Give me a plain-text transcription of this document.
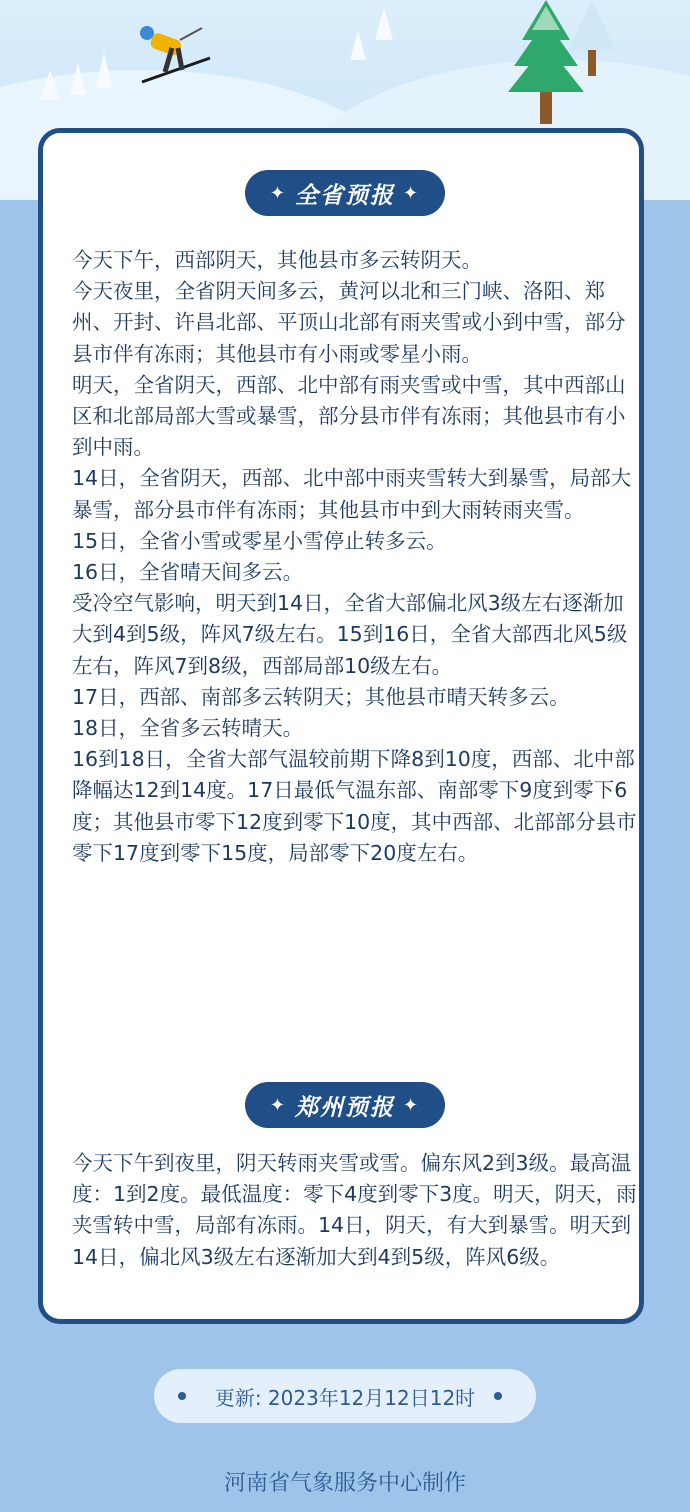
✦ 全省预报 ✦

今天下午，西部阴天，其他县市多云转阴天。

今天夜里，全省阴天间多云，黄河以北和三门峡、洛阳、郑州、开封、许昌北部、平顶山北部有雨夹雪或小到中雪，部分县市伴有冻雨；其他县市有小雨或零星小雨。

明天，全省阴天，西部、北中部有雨夹雪或中雪，其中西部山区和北部局部大雪或暴雪，部分县市伴有冻雨；其他县市有小到中雨。

14日，全省阴天，西部、北中部中雨夹雪转大到暴雪，局部大暴雪，部分县市伴有冻雨；其他县市中到大雨转雨夹雪。

15日，全省小雪或零星小雪停止转多云。

16日，全省晴天间多云。

受冷空气影响，明天到14日，全省大部偏北风3级左右逐渐加大到4到5级，阵风7级左右。15到16日，全省大部西北风5级左右，阵风7到8级，西部局部10级左右。

17日，西部、南部多云转阴天；其他县市晴天转多云。

18日，全省多云转晴天。

16到18日，全省大部气温较前期下降8到10度，西部、北中部降幅达12到14度。17日最低气温东部、南部零下9度到零下6度；其他县市零下12度到零下10度，其中西部、北部部分县市零下17度到零下15度，局部零下20度左右。

✦ 郑州预报 ✦

今天下午到夜里，阴天转雨夹雪或雪。偏东风2到3级。最高温度：1到2度。最低温度：零下4度到零下3度。明天，阴天，雨夹雪转中雪，局部有冻雨。14日，阴天，有大到暴雪。明天到14日，偏北风3级左右逐渐加大到4到5级，阵风6级。

更新: 2023年12月12日12时
河南省气象服务中心制作
